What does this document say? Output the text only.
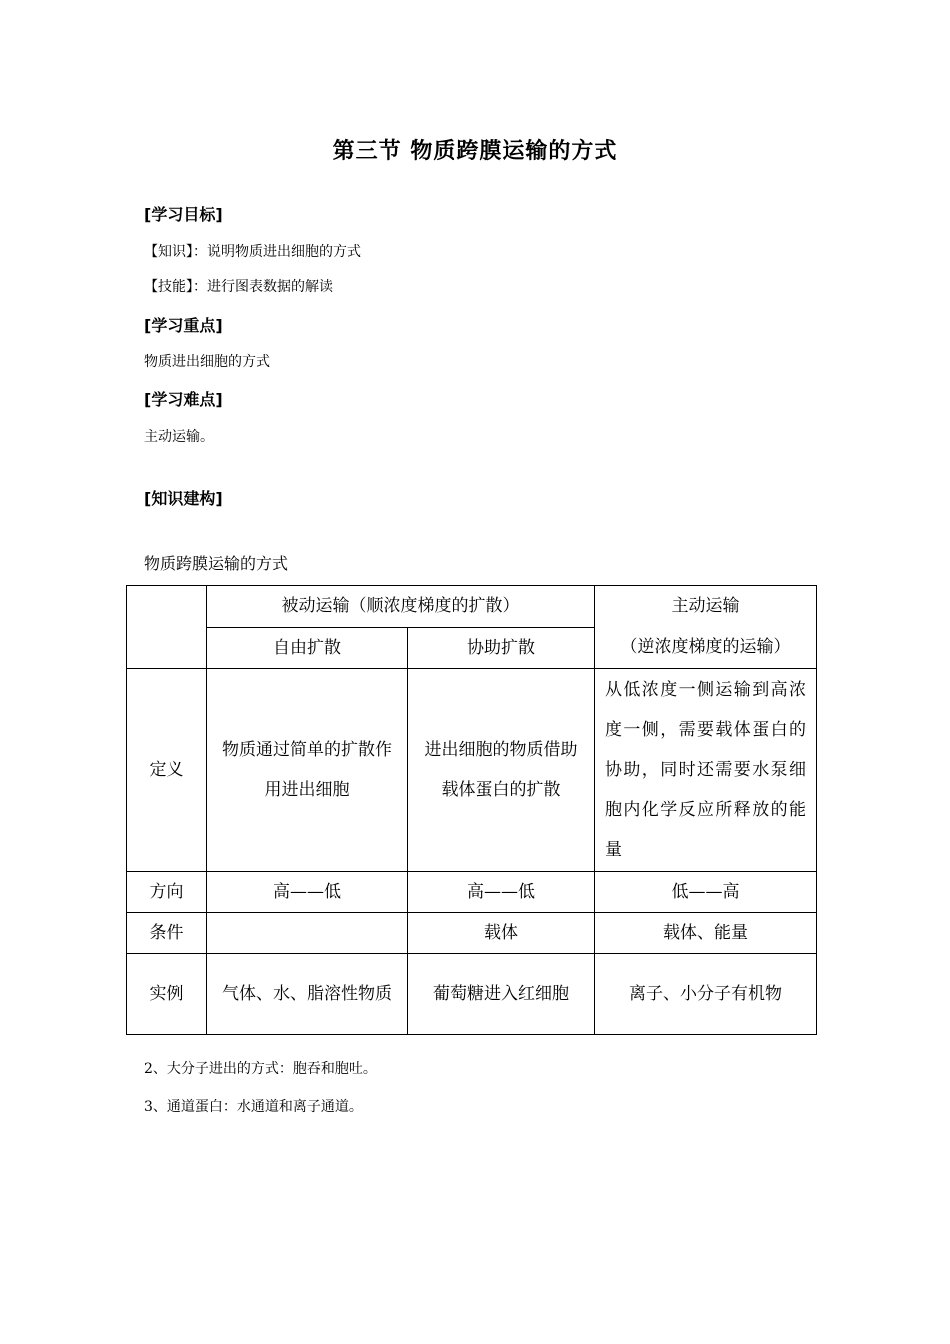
第三节 物质跨膜运输的方式
[学习目标]
【知识】：说明物质进出细胞的方式
【技能】：进行图表数据的解读
[学习重点]
物质进出细胞的方式
[学习难点]
主动运输。
[知识建构]
物质跨膜运输的方式
	被动运输（顺浓度梯度的扩散）		主动运输
（逆浓度梯度的运输）

	自由扩散	协助扩散	
定义	物质通过简单的扩散作用进出细胞	进出细胞的物质借助载体蛋白的扩散	从低浓度一侧运输到高浓度一侧，需要载体蛋白的协助，同时还需要水泵细胞内化学反应所释放的能量
方向	高——低	高——低	低——高
条件		载体	载体、能量
实例	气体、水、脂溶性物质	葡萄糖进入红细胞	离子、小分子有机物
2、大分子进出的方式：胞吞和胞吐。
3、通道蛋白：水通道和离子通道。
